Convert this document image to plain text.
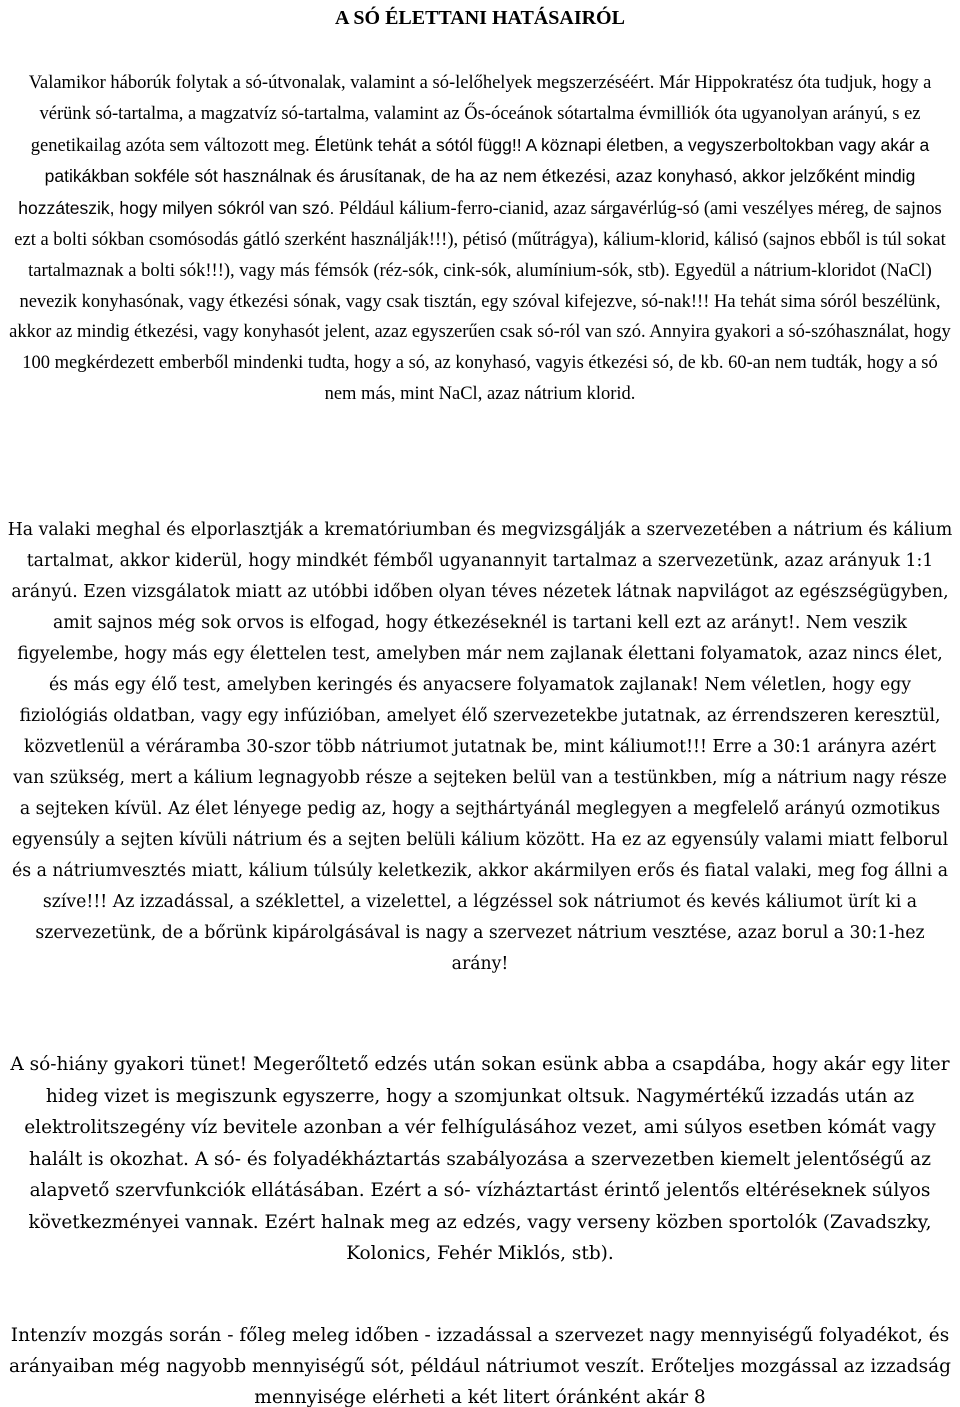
A SÓ ÉLETTANI HATÁSAIRÓL

Valamikor háborúk folytak a só-útvonalak, valamint a só-lelőhelyek megszerzéséért. Már Hippokratész óta tudjuk, hogy a vérünk só-tartalma, a magzatvíz só-tartalma, valamint az Ős-óceánok sótartalma évmilliók óta ugyanolyan arányú, s ez genetikailag azóta sem változott meg. Életünk tehát a sótól függ!! A köznapi életben, a vegyszerboltokban vagy akár a patikákban sokféle sót használnak és árusítanak, de ha az nem étkezési, azaz konyhasó, akkor jelzőként mindig hozzáteszik, hogy milyen sókról van szó. Például kálium-ferro-cianid, azaz sárgavérlúg-só (ami veszélyes méreg, de sajnos ezt a bolti sókban csomósodás gátló szerként használják!!!), pétisó (műtrágya), kálium-klorid, kálisó (sajnos ebből is túl sokat tartalmaznak a bolti sók!!!), vagy más fémsók (réz-sók, cink-sók, alumínium-sók, stb). Egyedül a nátrium-kloridot (NaCl) nevezik konyhasónak, vagy étkezési sónak, vagy csak tisztán, egy szóval kifejezve, só-nak!!! Ha tehát sima sóról beszélünk, akkor az mindig étkezési, vagy konyhasót jelent, azaz egyszerűen csak só-ról van szó. Annyira gyakori a só-szóhasználat, hogy 100 megkérdezett emberből mindenki tudta, hogy a só, az konyhasó, vagyis étkezési só, de kb. 60-an nem tudták, hogy a só nem más, mint NaCl, azaz nátrium klorid.

Ha valaki meghal és elporlasztják a krematóriumban és megvizsgálják a szervezetében a nátrium és kálium tartalmat, akkor kiderül, hogy mindkét fémből ugyanannyit tartalmaz a szervezetünk, azaz arányuk 1:1 arányú. Ezen vizsgálatok miatt az utóbbi időben olyan téves nézetek látnak napvilágot az egészségügyben, amit sajnos még sok orvos is elfogad, hogy étkezéseknél is tartani kell ezt az arányt!. Nem veszik figyelembe, hogy más egy élettelen test, amelyben már nem zajlanak élettani folyamatok, azaz nincs élet, és más egy élő test, amelyben keringés és anyacsere folyamatok zajlanak! Nem véletlen, hogy egy fiziológiás oldatban, vagy egy infúzióban, amelyet élő szervezetekbe jutatnak, az érrendszeren keresztül, közvetlenül a véráramba 30-szor több nátriumot jutatnak be, mint káliumot!!! Erre a 30:1 arányra azért van szükség, mert a kálium legnagyobb része a sejteken belül van a testünkben, míg a nátrium nagy része a sejteken kívül. Az élet lényege pedig az, hogy a sejthártyánál meglegyen a megfelelő arányú ozmotikus egyensúly a sejten kívüli nátrium és a sejten belüli kálium között. Ha ez az egyensúly valami miatt felborul és a nátriumvesztés miatt, kálium túlsúly keletkezik, akkor akármilyen erős és fiatal valaki, meg fog állni a szíve!!! Az izzadással, a széklettel, a vizelettel, a légzéssel sok nátriumot és kevés káliumot ürít ki a szervezetünk, de a bőrünk kipárolgásával is nagy a szervezet nátrium vesztése, azaz borul a 30:1-hez arány!

A só-hiány gyakori tünet! Megerőltető edzés után sokan esünk abba a csapdába, hogy akár egy liter hideg vizet is megiszunk egyszerre, hogy a szomjunkat oltsuk. Nagymértékű izzadás után az elektrolitszegény víz bevitele azonban a vér felhígulásához vezet, ami súlyos esetben kómát vagy halált is okozhat. A só- és folyadékháztartás szabályozása a szervezetben kiemelt jelentőségű az alapvető szervfunkciók ellátásában. Ezért a só- vízháztartást érintő jelentős eltéréseknek súlyos következményei vannak. Ezért halnak meg az edzés, vagy verseny közben sportolók (Zavadszky, Kolonics, Fehér Miklós, stb).

Intenzív mozgás során - főleg meleg időben - izzadással a szervezet nagy mennyiségű folyadékot, és arányaiban még nagyobb mennyiségű sót, például nátriumot veszít. Erőteljes mozgással az izzadság mennyisége elérheti a két litert óránként akár 8
